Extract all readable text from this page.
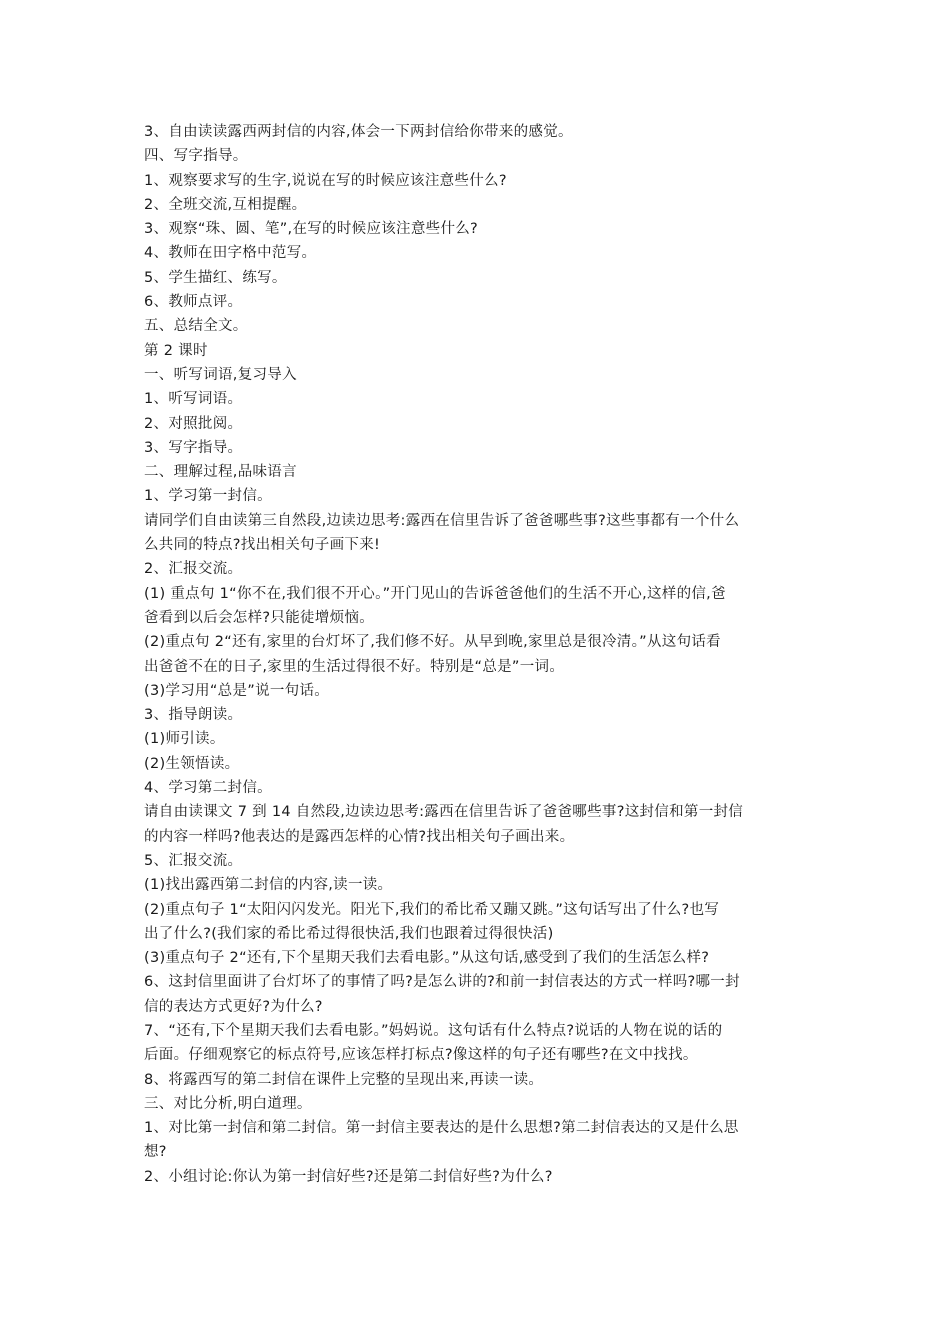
3、自由读读露西两封信的内容,体会一下两封信给你带来的感觉。
四、写字指导。
1、观察要求写的生字,说说在写的时候应该注意些什么?
2、全班交流,互相提醒。
3、观察“珠、圆、笔”,在写的时候应该注意些什么?
4、教师在田字格中范写。
5、学生描红、练写。
6、教师点评。
五、总结全文。
第 2 课时
一、听写词语,复习导入
1、听写词语。
2、对照批阅。
3、写字指导。
二、理解过程,品味语言
1、学习第一封信。
请同学们自由读第三自然段,边读边思考:露西在信里告诉了爸爸哪些事?这些事都有一个什么
么共同的特点?找出相关句子画下来!
2、汇报交流。
(1) 重点句 1“你不在,我们很不开心。”开门见山的告诉爸爸他们的生活不开心,这样的信,爸
爸看到以后会怎样?只能徒增烦恼。
(2)重点句 2“还有,家里的台灯坏了,我们修不好。从早到晚,家里总是很冷清。”从这句话看
出爸爸不在的日子,家里的生活过得很不好。特别是“总是”一词。
(3)学习用“总是”说一句话。
3、指导朗读。
(1)师引读。
(2)生领悟读。
4、学习第二封信。
请自由读课文 7 到 14 自然段,边读边思考:露西在信里告诉了爸爸哪些事?这封信和第一封信
的内容一样吗?他表达的是露西怎样的心情?找出相关句子画出来。
5、汇报交流。
(1)找出露西第二封信的内容,读一读。
(2)重点句子 1“太阳闪闪发光。阳光下,我们的希比希又蹦又跳。”这句话写出了什么?也写
出了什么?(我们家的希比希过得很快活,我们也跟着过得很快活)
(3)重点句子 2“还有,下个星期天我们去看电影。”从这句话,感受到了我们的生活怎么样?
6、这封信里面讲了台灯坏了的事情了吗?是怎么讲的?和前一封信表达的方式一样吗?哪一封
信的表达方式更好?为什么?
7、“还有,下个星期天我们去看电影。”妈妈说。这句话有什么特点?说话的人物在说的话的
后面。仔细观察它的标点符号,应该怎样打标点?像这样的句子还有哪些?在文中找找。
8、将露西写的第二封信在课件上完整的呈现出来,再读一读。
三、对比分析,明白道理。
1、对比第一封信和第二封信。第一封信主要表达的是什么思想?第二封信表达的又是什么思
想?
2、小组讨论:你认为第一封信好些?还是第二封信好些?为什么?
